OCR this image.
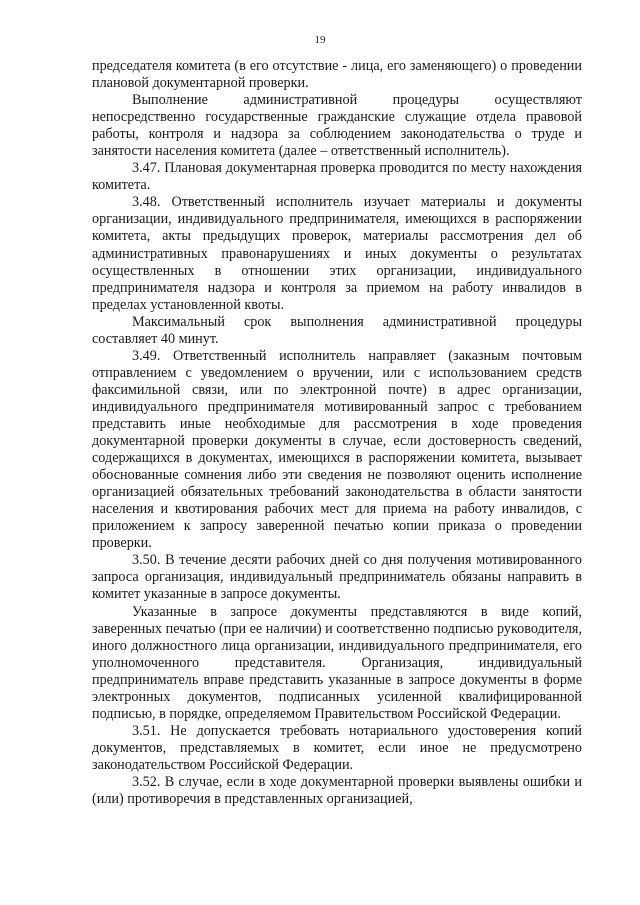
19

председателя комитета (в его отсутствие - лица, его заменяющего) о проведении плановой документарной проверки.

Выполнение административной процедуры осуществляют непосредственно государственные гражданские служащие отдела правовой работы, контроля и надзора за соблюдением законодательства о труде и занятости населения комитета (далее – ответственный исполнитель).

3.47. Плановая документарная проверка проводится по месту нахождения комитета.

3.48. Ответственный исполнитель изучает материалы и документы организации, индивидуального предпринимателя, имеющихся в распоряжении комитета, акты предыдущих проверок, материалы рассмотрения дел об административных правонарушениях и иных документы о результатах осуществленных в отношении этих организации, индивидуального предпринимателя надзора и контроля за приемом на работу инвалидов в пределах установленной квоты.

Максимальный срок выполнения административной процедуры составляет 40 минут.

3.49. Ответственный исполнитель направляет (заказным почтовым отправлением с уведомлением о вручении, или с использованием средств факсимильной связи, или по электронной почте) в адрес организации, индивидуального предпринимателя мотивированный запрос с требованием представить иные необходимые для рассмотрения в ходе проведения документарной проверки документы в случае, если достоверность сведений, содержащихся в документах, имеющихся в распоряжении комитета, вызывает обоснованные сомнения либо эти сведения не позволяют оценить исполнение организацией обязательных требований законодательства в области занятости населения и квотирования рабочих мест для приема на работу инвалидов, с приложением к запросу заверенной печатью копии приказа о проведении проверки.

3.50. В течение десяти рабочих дней со дня получения мотивированного запроса организация, индивидуальный предприниматель обязаны направить в комитет указанные в запросе документы.

Указанные в запросе документы представляются в виде копий, заверенных печатью (при ее наличии) и соответственно подписью руководителя, иного должностного лица организации, индивидуального предпринимателя, его уполномоченного представителя. Организация, индивидуальный предприниматель вправе представить указанные в запросе документы в форме электронных документов, подписанных усиленной квалифицированной подписью, в порядке, определяемом Правительством Российской Федерации.

3.51. Не допускается требовать нотариального удостоверения копий документов, представляемых в комитет, если иное не предусмотрено законодательством Российской Федерации.

3.52. В случае, если в ходе документарной проверки выявлены ошибки и (или) противоречия в представленных организацией,
